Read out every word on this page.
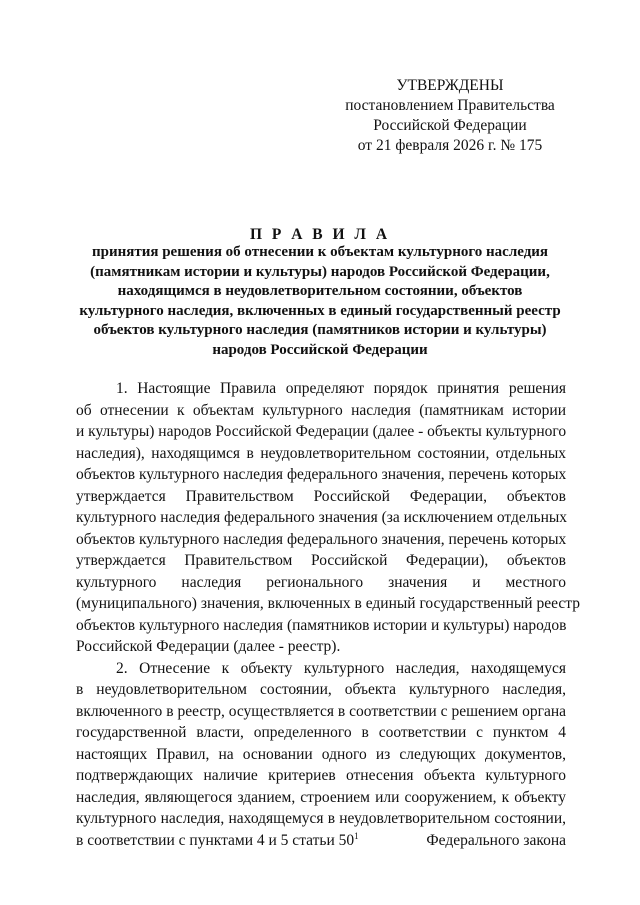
УТВЕРЖДЕНЫ
постановлением Правительства
Российской Федерации
от 21 февраля 2026 г. № 175
П Р А В И Л А
принятия решения об отнесении к объектам культурного наследия
(памятникам истории и культуры) народов Российской Федерации,
находящимся в неудовлетворительном состоянии, объектов
культурного наследия, включенных в единый государственный реестр
объектов культурного наследия (памятников истории и культуры)
народов Российской Федерации
1. Настоящие Правила определяют порядок принятия решения
об отнесении к объектам культурного наследия (памятникам истории
и культуры) народов Российской Федерации (далее - объекты культурного
наследия), находящимся в неудовлетворительном состоянии, отдельных
объектов культурного наследия федерального значения, перечень которых
утверждается Правительством Российской Федерации, объектов
культурного наследия федерального значения (за исключением отдельных
объектов культурного наследия федерального значения, перечень которых
утверждается Правительством Российской Федерации), объектов
культурного наследия регионального значения и местного
(муниципального) значения, включенных в единый государственный реестр
объектов культурного наследия (памятников истории и культуры) народов
Российской Федерации (далее - реестр).
2. Отнесение к объекту культурного наследия, находящемуся
в неудовлетворительном состоянии, объекта культурного наследия,
включенного в реестр, осуществляется в соответствии с решением органа
государственной власти, определенного в соответствии с пунктом 4
настоящих Правил, на основании одного из следующих документов,
подтверждающих наличие критериев отнесения объекта культурного
наследия, являющегося зданием, строением или сооружением, к объекту
культурного наследия, находящемуся в неудовлетворительном состоянии,
в соответствии с пунктами 4 и 5 статьи $50^1$	Федерального закона
